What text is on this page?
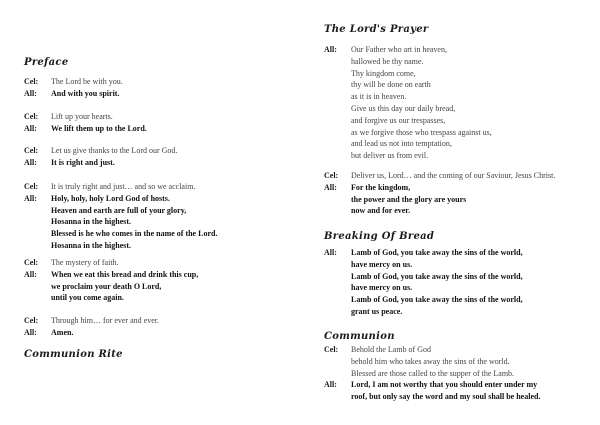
Preface
Cel: The Lord be with you.
All: And with you spirit.
Cel: Lift up your hearts.
All: We lift them up to the Lord.
Cel: Let us give thanks to the Lord our God.
All: It is right and just.
Cel: It is truly right and just… and so we acclaim.
All: Holy, holy, holy Lord God of hosts.
Heaven and earth are full of your glory,
Hosanna in the highest.
Blessed is he who comes in the name of the Lord.
Hosanna in the highest.
Cel: The mystery of faith.
All: When we eat this bread and drink this cup,
we proclaim your death O Lord,
until you come again.
Cel: Through him… for ever and ever.
All: Amen.
Communion Rite
The Lord's Prayer
All: Our Father who art in heaven,
hallowed be thy name.
Thy kingdom come,
thy will be done on earth
as it is in heaven.
Give us this day our daily bread,
and forgive us our trespasses,
as we forgive those who trespass against us,
and lead us not into temptation,
but deliver us from evil.
Cel: Deliver us, Lord… and the coming of our Saviour, Jesus Christ.
All: For the kingdom,
the power and the glory are yours
now and for ever.
Breaking Of Bread
All: Lamb of God, you take away the sins of the world,
have mercy on us.
Lamb of God, you take away the sins of the world,
have mercy on us.
Lamb of God, you take away the sins of the world,
grant us peace.
Communion
Cel: Behold the Lamb of God
behold him who takes away the sins of the world.
Blessed are those called to the supper of the Lamb.
All: Lord, I am not worthy that you should enter under my
roof, but only say the word and my soul shall be healed.
